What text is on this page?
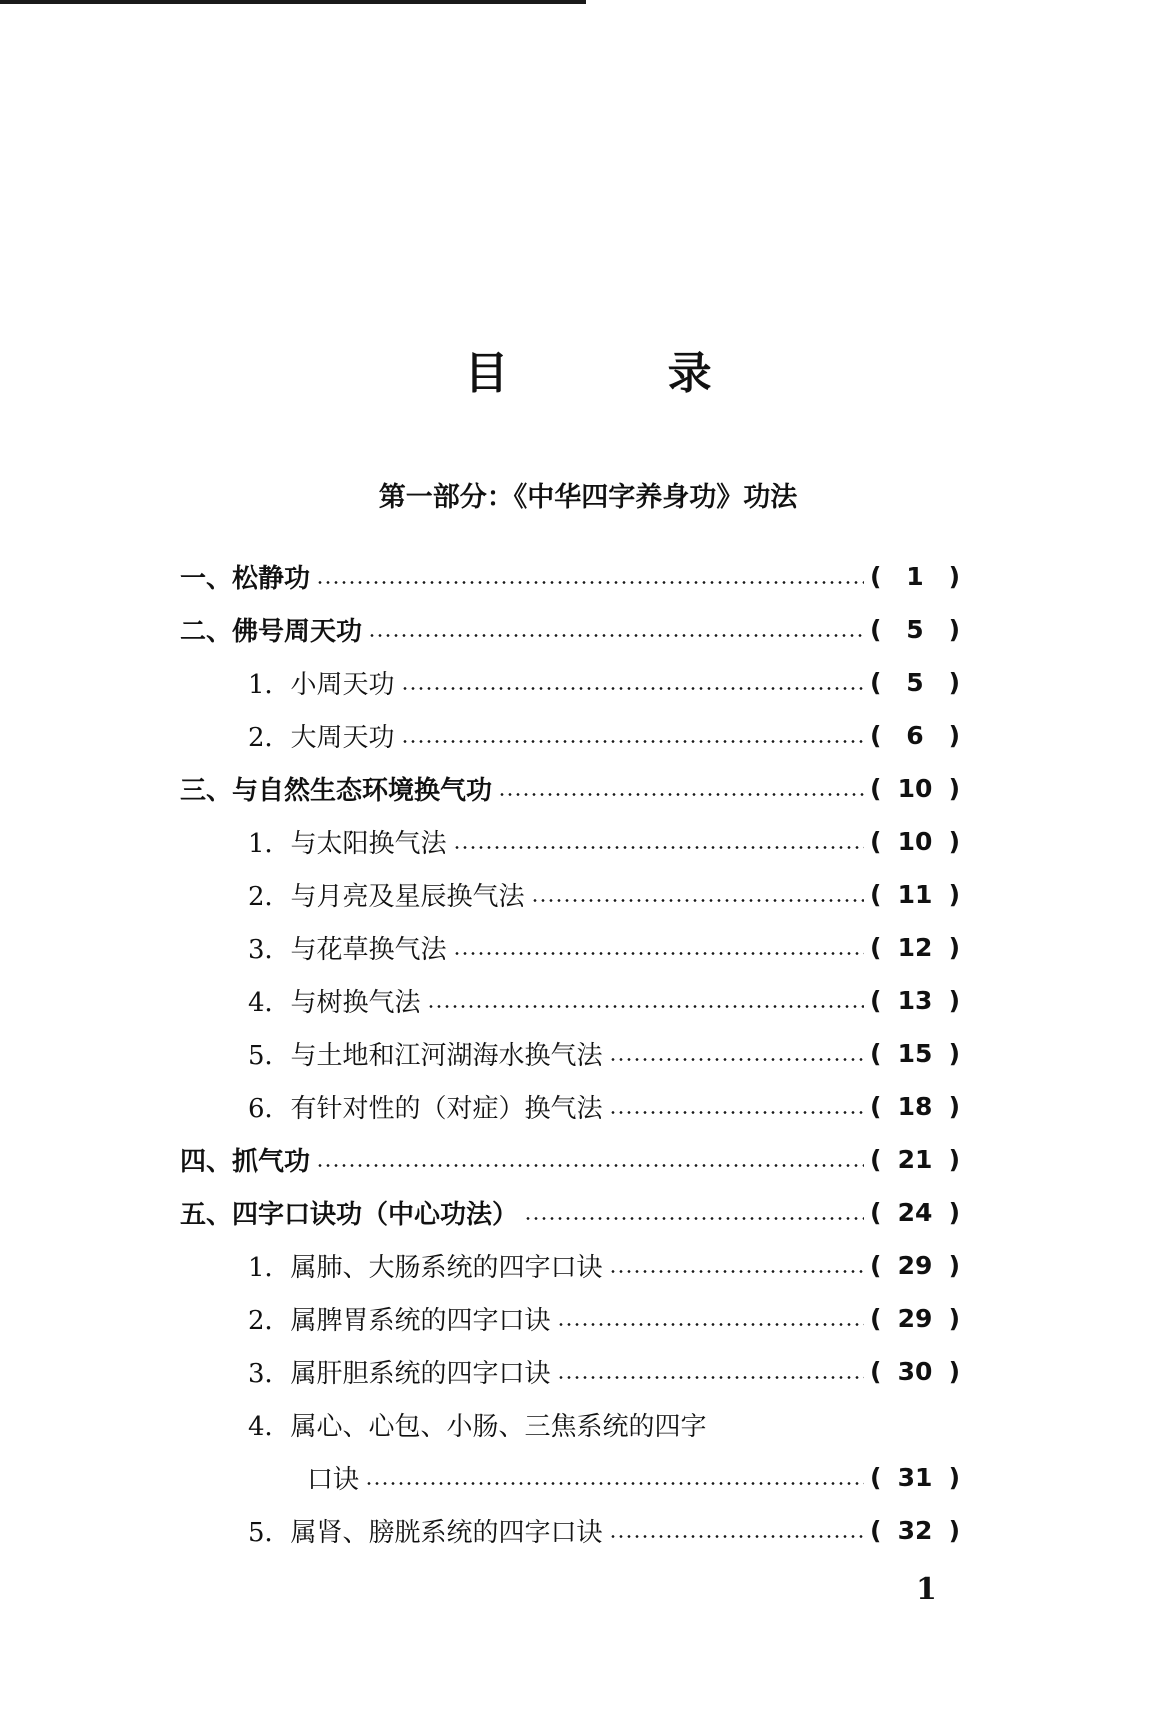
目 录
第一部分：《中华四字养身功》功法
一、松静功	( 1 )
二、佛号周天功	( 5 )
1．小周天功	( 5 )
2．大周天功	( 6 )
三、与自然生态环境换气功	( 10 )
1．与太阳换气法	( 10 )
2．与月亮及星辰换气法	( 11 )
3．与花草换气法	( 12 )
4．与树换气法	( 13 )
5．与土地和江河湖海水换气法	( 15 )
6．有针对性的（对症）换气法	( 18 )
四、抓气功	( 21 )
五、四字口诀功（中心功法）	( 24 )
1．属肺、大肠系统的四字口诀	( 29 )
2．属脾胃系统的四字口诀	( 29 )
3．属肝胆系统的四字口诀	( 30 )
4．属心、心包、小肠、三焦系统的四字
口诀	( 31 )
5．属肾、膀胱系统的四字口诀	( 32 )
1
